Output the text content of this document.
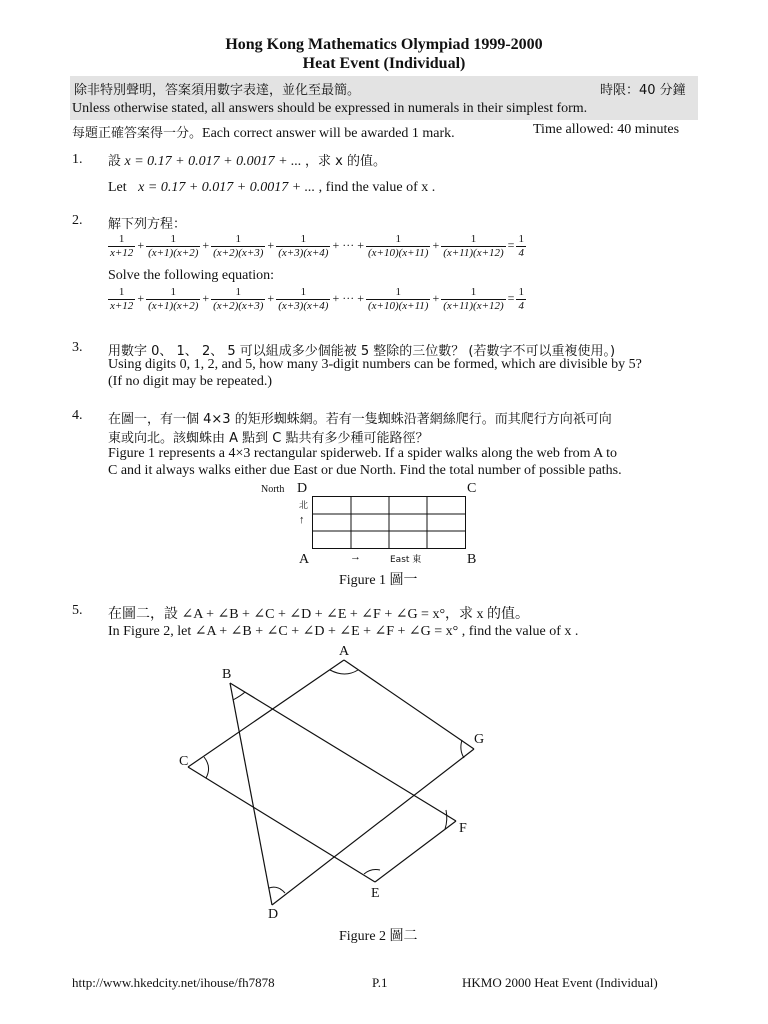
Hong Kong Mathematics Olympiad 1999-2000
Heat Event (Individual)
除非特別聲明，答案須用數字表達，並化至最簡。	時限：40 分鐘
Unless otherwise stated, all answers should be expressed in numerals in their simplest form.
每題正確答案得一分。Each correct answer will be awarded 1 mark.	Time allowed: 40 minutes
1. 設 x = 0.17 + 0.017 + 0.0017 + ... ，求 x 的值。
Let x = 0.17 + 0.017 + 0.0017 + ... , find the value of x .
2. 解下列方程：
$\frac{1}{x+12} + \frac{1}{(x+1)(x+2)} + \frac{1}{(x+2)(x+3)} + \frac{1}{(x+3)(x+4)}$ + ··· + $\frac{1}{(x+10)(x+11)} + \frac{1}{(x+11)(x+12)} = \frac{1}{4}$
Solve the following equation:
$\frac{1}{x+12} + \frac{1}{(x+1)(x+2)} + \frac{1}{(x+2)(x+3)} + \frac{1}{(x+3)(x+4)}$ + ··· + $\frac{1}{(x+10)(x+11)} + \frac{1}{(x+11)(x+12)} = \frac{1}{4}$
3. 用數字 0、 1、 2、 5 可以組成多少個能被 5 整除的三位數？ (若數字不可以重複使用。)
Using digits 0, 1, 2, and 5, how many 3-digit numbers can be formed, which are divisible by 5?
(If no digit may be repeated.)
4. 在圖一，有一個 4×3 的矩形蜘蛛網。若有一隻蜘蛛沿著網絲爬行。而其爬行方向祇可向
東或向北。該蜘蛛由 A 點到 C 點共有多少種可能路徑？
Figure 1 represents a 4×3 rectangular spiderweb. If a spider walks along the web from A to
C and it always walks either due East or due North. Find the total number of possible paths.
North D	C
北
↑
A	→	East 東	B
Figure 1 圖一
5. 在圖二，設 ∠A + ∠B + ∠C + ∠D + ∠E + ∠F + ∠G = x°，求 x 的值。
In Figure 2, let ∠A + ∠B + ∠C + ∠D + ∠E + ∠F + ∠G = x° , find the value of x .
A
B
C
D
E
F
G
Figure 2 圖二
http://www.hkedcity.net/ihouse/fh7878	P.1	HKMO 2000 Heat Event (Individual)
